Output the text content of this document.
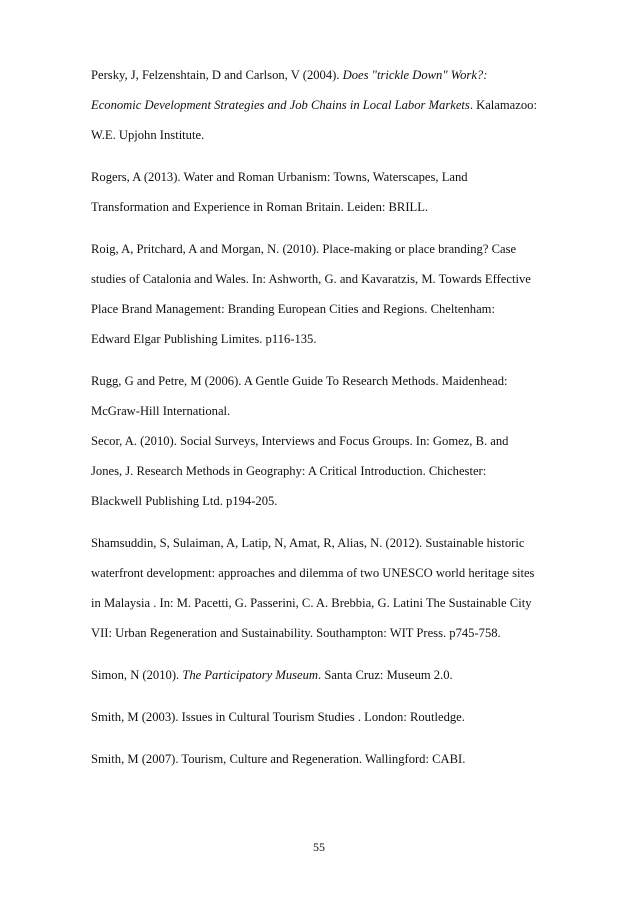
Persky, J, Felzenshtain, D and Carlson, V (2004). Does "trickle Down" Work?:
Economic Development Strategies and Job Chains in Local Labor Markets. Kalamazoo:
W.E. Upjohn Institute.
Rogers, A (2013). Water and Roman Urbanism: Towns, Waterscapes, Land
Transformation and Experience in Roman Britain. Leiden: BRILL.
Roig, A, Pritchard, A and Morgan, N. (2010). Place-making or place branding? Case
studies of Catalonia and Wales. In: Ashworth, G. and Kavaratzis, M. Towards Effective
Place Brand Management: Branding European Cities and Regions. Cheltenham:
Edward Elgar Publishing Limites. p116-135.
Rugg, G and Petre, M (2006). A Gentle Guide To Research Methods. Maidenhead:
McGraw-Hill International.
Secor, A. (2010). Social Surveys, Interviews and Focus Groups. In: Gomez, B. and
Jones, J. Research Methods in Geography: A Critical Introduction. Chichester:
Blackwell Publishing Ltd. p194-205.
Shamsuddin, S, Sulaiman, A, Latip, N, Amat, R, Alias, N. (2012). Sustainable historic
waterfront development: approaches and dilemma of two UNESCO world heritage sites
in Malaysia . In: M. Pacetti, G. Passerini, C. A. Brebbia, G. Latini The Sustainable City
VII: Urban Regeneration and Sustainability. Southampton: WIT Press. p745-758.
Simon, N (2010). The Participatory Museum. Santa Cruz: Museum 2.0.
Smith, M (2003). Issues in Cultural Tourism Studies . London: Routledge.
Smith, M (2007). Tourism, Culture and Regeneration. Wallingford: CABI.
55
